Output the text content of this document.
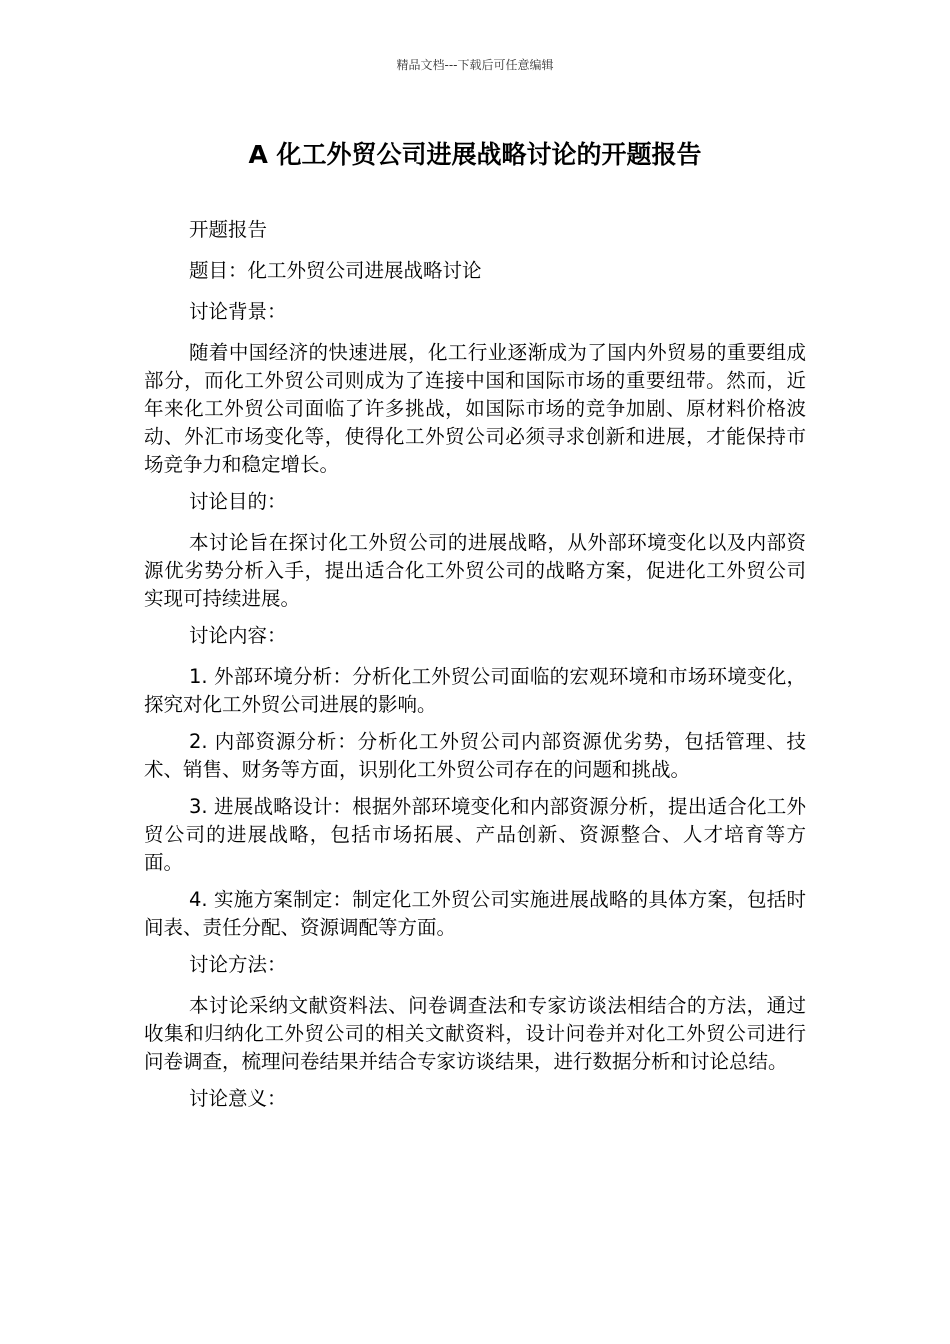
精品文档---下载后可任意编辑
A 化工外贸公司进展战略讨论的开题报告

开题报告

题目：化工外贸公司进展战略讨论

讨论背景：

随着中国经济的快速进展，化工行业逐渐成为了国内外贸易的重要组成部分，而化工外贸公司则成为了连接中国和国际市场的重要纽带。然而，近年来化工外贸公司面临了许多挑战，如国际市场的竞争加剧、原材料价格波动、外汇市场变化等，使得化工外贸公司必须寻求创新和进展，才能保持市场竞争力和稳定增长。

讨论目的：

本讨论旨在探讨化工外贸公司的进展战略，从外部环境变化以及内部资源优劣势分析入手，提出适合化工外贸公司的战略方案，促进化工外贸公司实现可持续进展。

讨论内容：

1. 外部环境分析：分析化工外贸公司面临的宏观环境和市场环境变化，探究对化工外贸公司进展的影响。

2. 内部资源分析：分析化工外贸公司内部资源优劣势，包括管理、技术、销售、财务等方面，识别化工外贸公司存在的问题和挑战。

3. 进展战略设计：根据外部环境变化和内部资源分析，提出适合化工外贸公司的进展战略，包括市场拓展、产品创新、资源整合、人才培育等方面。

4. 实施方案制定：制定化工外贸公司实施进展战略的具体方案，包括时间表、责任分配、资源调配等方面。

讨论方法：

本讨论采纳文献资料法、问卷调查法和专家访谈法相结合的方法，通过收集和归纳化工外贸公司的相关文献资料，设计问卷并对化工外贸公司进行问卷调查，梳理问卷结果并结合专家访谈结果，进行数据分析和讨论总结。

讨论意义：
